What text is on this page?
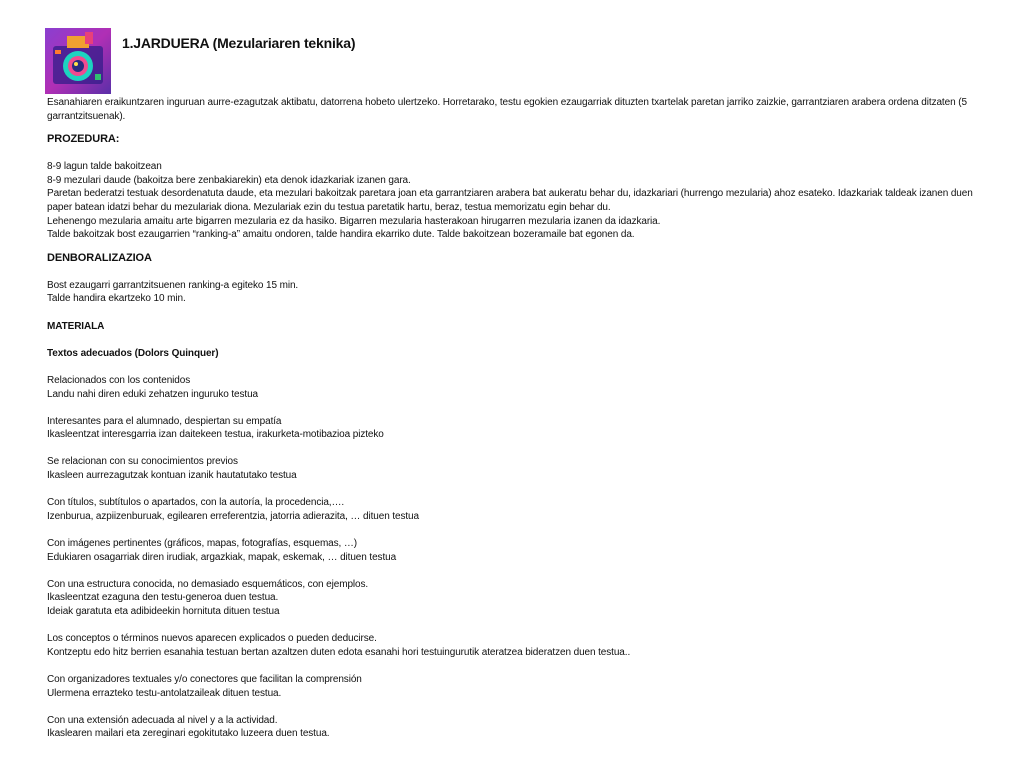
1.JARDUERA (Mezulariaren teknika)

Esanahiaren eraikuntzaren inguruan aurre-ezagutzak aktibatu, datorrena hobeto ulertzeko. Horretarako, testu egokien ezaugarriak dituzten txartelak paretan jarriko zaizkie, garrantziaren arabera ordena ditzaten (5 garrantzitsuenak).

PROZEDURA:

8-9 lagun talde bakoitzean

8-9 mezulari daude (bakoitza bere zenbakiarekin) eta denok idazkariak izanen gara.

Paretan bederatzi testuak desordenatuta daude, eta mezulari bakoitzak paretara joan eta garrantziaren arabera bat aukeratu behar du, idazkariari (hurrengo mezularia) ahoz esateko. Idazkariak taldeak izanen duen paper batean idatzi behar du mezulariak diona. Mezulariak ezin du testua paretatik hartu, beraz, testua memorizatu egin behar du.

Lehenengo mezularia amaitu arte bigarren mezularia ez da hasiko. Bigarren mezularia hasterakoan hirugarren mezularia izanen da idazkaria.

Talde bakoitzak bost ezaugarrien “ranking-a” amaitu ondoren, talde handira ekarriko dute. Talde bakoitzean bozeramaile bat egonen da.

DENBORALIZAZIOA

Bost ezaugarri garrantzitsuenen ranking-a egiteko 15 min.

Talde handira ekartzeko 10 min.

MATERIALA

Textos adecuados (Dolors Quinquer)

Relacionados con los contenidos

Landu nahi diren eduki zehatzen inguruko testua

Interesantes para el alumnado, despiertan su empatía

Ikasleentzat interesgarria izan daitekeen testua, irakurketa-motibazioa pizteko

Se relacionan con su conocimientos previos

Ikasleen aurrezagutzak kontuan izanik hautatutako testua

Con títulos, subtítulos o apartados, con la autoría, la procedencia,….

Izenburua, azpiizenburuak, egilearen erreferentzia, jatorria adierazita, … dituen testua

Con imágenes pertinentes (gráficos, mapas, fotografías, esquemas, …)

Edukiaren osagarriak diren irudiak, argazkiak, mapak, eskemak, … dituen testua

Con una estructura conocida, no demasiado esquemáticos, con ejemplos.

Ikasleentzat ezaguna den testu-generoa duen testua.

Ideiak garatuta eta adibideekin hornituta dituen testua

Los conceptos o términos nuevos aparecen explicados o pueden deducirse.

Kontzeptu edo hitz berrien esanahia testuan bertan azaltzen duten edota esanahi hori testuingurutik ateratzea bideratzen duen testua..

Con organizadores textuales y/o conectores que facilitan la comprensión

Ulermena errazteko testu-antolatzaileak dituen testua.

Con una extensión adecuada al nivel y a la actividad.

Ikaslearen mailari eta zereginari egokitutako luzeera duen testua.
